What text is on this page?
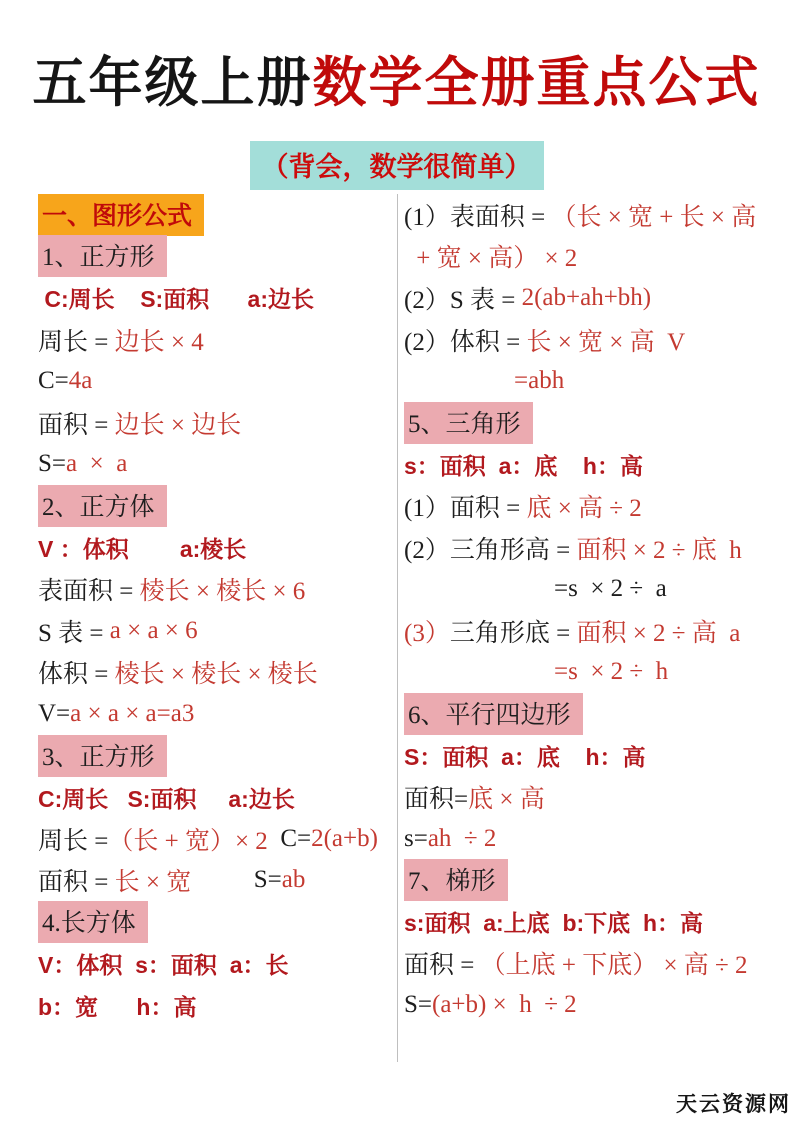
五年级上册数学全册重点公式
（背会，数学很简单）
一、图形公式
1、正方形
C:周长    S:面积      a:边长
周长 = 边长 × 4
C= 4a
面积 = 边长 × 边长
S= a  ×  a
2、正方体
V ：体积        a:棱长
表面积 = 棱长 × 棱长 × 6
S 表 = a × a × 6
体积 = 棱长 × 棱长 × 棱长
V= a × a × a=a3
3、正方形
C:周长   S:面积     a:边长
周长 = （长 + 宽）× 2 C= 2(a+b)
面积 = 长 × 宽 S= ab
4.长方体
V：体积  s：面积  a：长
b：宽      h：高
(1）表面积 = （长 × 宽 + 长 × 高
+ 宽 × 高） × 2
(2）S 表 = 2(ab+ah+bh)
(2）体积 = 长 × 宽 × 高  V
=abh
5、三角形
s：面积  a：底    h：高
(1）面积 = 底 × 高 ÷ 2
(2）三角形高 = 面积 × 2 ÷ 底  h
=s  × 2 ÷  a
(3） 三角形底 = 面积 × 2 ÷ 高  a
=s  × 2 ÷  h
6、平行四边形
S：面积  a：底    h：高
面积= 底 × 高
s= ah  ÷ 2
7、梯形
s:面积  a:上底  b:下底  h：高
面积 = （上底 + 下底） × 高 ÷ 2
S= (a+b) ×  h  ÷ 2
天云资源网
